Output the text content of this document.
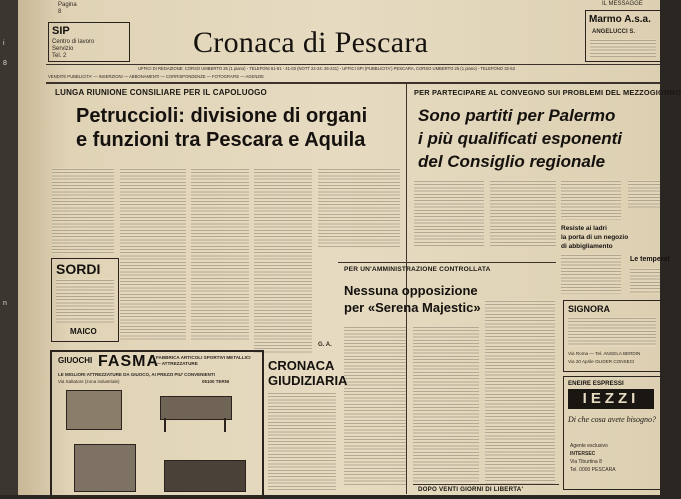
i
8
n
Pagina
8
IL MESSAGGE
SIP
Centro di lavoro
Servizio
Tel. 2	Cronaca di Pescara
Marmo A.s.a.
ANGELUCCI S.
UFFICI DI REDAZIONE: CORSO UMBERTO 25 (1 piano) - TELEFONI 61-81 - 41-03 (NOTT 22-24: 26-221) - UFFICI SPI (PUBBLICITA') PESCARA, CORSO UMBERTO 25 (1 piano) - TELEFONO 32-53
VENDITE PUBBLICITA' — INSERZIONI — ABBONAMENTI — CORRISPONDENZE — FOTOGRAFIE — AGENZIE
LUNGA RIUNIONE CONSILIARE PER IL CAPOLUOGO
Petruccioli: divisione di organi
e funzioni tra Pescara e Aquila
G. A.
SORDI
MAICO
GIUOCHI FASMA
FABBRICA ARTICOLI SPORTIVI METALLICI — ATTREZZATURE
LE MIGLIORI ATTREZZATURE DA GIUOCO, AI PREZZI PIU' CONVENIENTI
Via Saltatore (zona industriale)	05100 TERNI
PER PARTECIPARE AL CONVEGNO SUI PROBLEMI DEL MEZZOGIORNO
Sono partiti per Palermo
i più qualificati esponenti
del Consiglio regionale
Resiste ai ladri
la porta di un negozio
di abbigliamento
Le temperat
PER UN'AMMINISTRAZIONE CONTROLLATA
Nessuna opposizione
per «Serena Majestic»
CRONACA
GIUDIZIARIA
SIGNORA
Via Roma — Tel. ANGELA BERDIN
Via 20 Aprile OLIDER CONSECI
ENEIRE ESPRESSI
IEZZI
Di che cosa avete bisogno?
Agente esclusivo
INTERSEC
Via Tiburtina 8
Tel. 0000 PESCARA
DOPO VENTI GIORNI DI LIBERTA'
